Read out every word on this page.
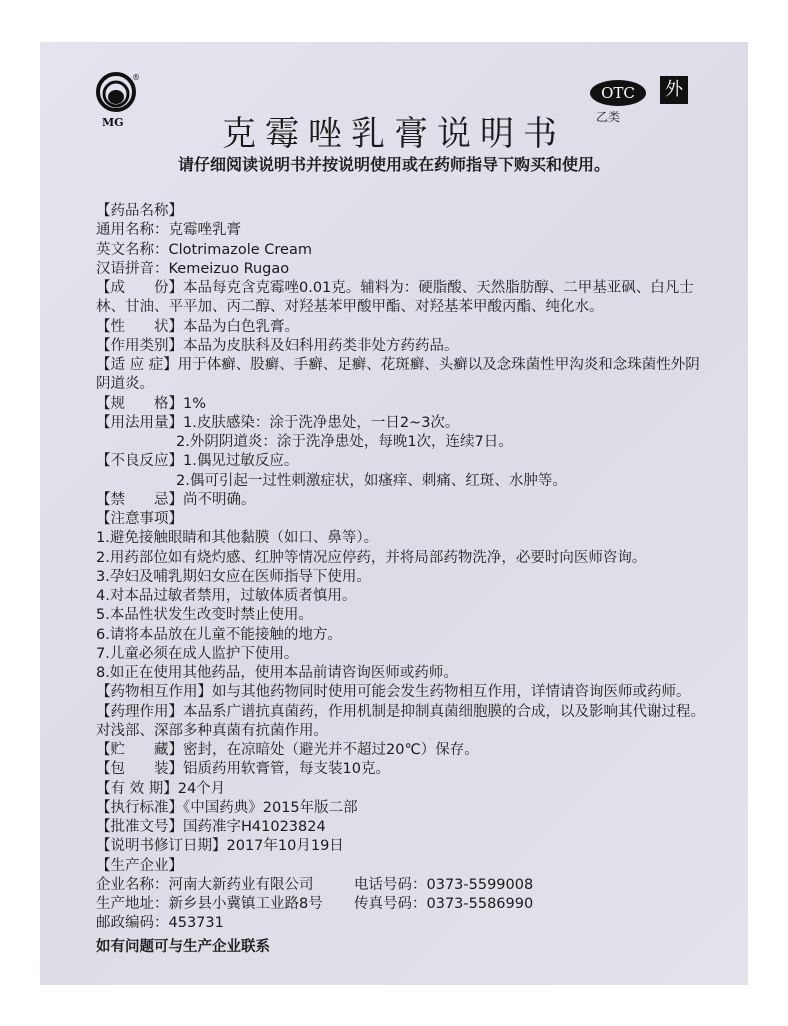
®
MG
OTC
乙类
外
克霉唑乳膏说明书
请仔细阅读说明书并按说明使用或在药师指导下购买和使用。
【药品名称】
通用名称：克霉唑乳膏
英文名称：Clotrimazole Cream
汉语拼音：Kemeizuo Rugao
【成　　份】本品每克含克霉唑0.01克。辅料为：硬脂酸、天然脂肪醇、二甲基亚砜、白凡士
林、甘油、平平加、丙二醇、对羟基苯甲酸甲酯、对羟基苯甲酸丙酯、纯化水。
【性　　状】本品为白色乳膏。
【作用类别】本品为皮肤科及妇科用药类非处方药药品。
【适 应 症】用于体癣、股癣、手癣、足癣、花斑癣、头癣以及念珠菌性甲沟炎和念珠菌性外阴
阴道炎。
【规　　格】1%
【用法用量】1.皮肤感染：涂于洗净患处，一日2~3次。
2.外阴阴道炎：涂于洗净患处，每晚1次，连续7日。
【不良反应】1.偶见过敏反应。
2.偶可引起一过性刺激症状，如瘙痒、刺痛、红斑、水肿等。
【禁　　忌】尚不明确。
【注意事项】
1.避免接触眼睛和其他黏膜（如口、鼻等）。
2.用药部位如有烧灼感、红肿等情况应停药，并将局部药物洗净，必要时向医师咨询。
3.孕妇及哺乳期妇女应在医师指导下使用。
4.对本品过敏者禁用，过敏体质者慎用。
5.本品性状发生改变时禁止使用。
6.请将本品放在儿童不能接触的地方。
7.儿童必须在成人监护下使用。
8.如正在使用其他药品，使用本品前请咨询医师或药师。
【药物相互作用】如与其他药物同时使用可能会发生药物相互作用，详情请咨询医师或药师。
【药理作用】本品系广谱抗真菌药，作用机制是抑制真菌细胞膜的合成，以及影响其代谢过程。
对浅部、深部多种真菌有抗菌作用。
【贮　　藏】密封，在凉暗处（避光并不超过20℃）保存。
【包　　装】铝质药用软膏管，每支装10克。
【有 效 期】24个月
【执行标准】《中国药典》2015年版二部
【批准文号】国药准字H41023824
【说明书修订日期】2017年10月19日
【生产企业】
企业名称：河南大新药业有限公司	电话号码：0373-5599008
生产地址：新乡县小冀镇工业路8号 传真号码：0373-5586990
邮政编码：453731
如有问题可与生产企业联系
